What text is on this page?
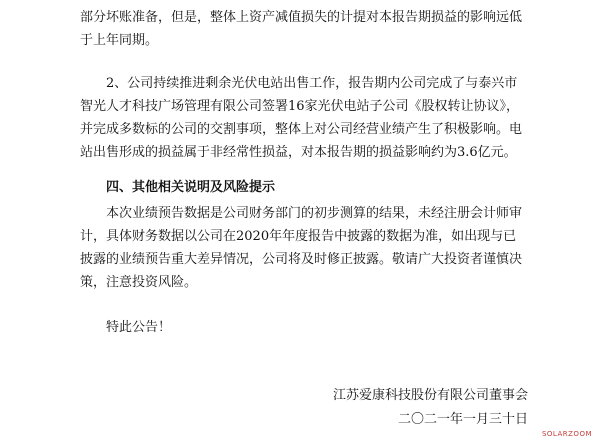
部分坏账准备，但是，整体上资产减值损失的计提对本报告期损益的影响远低于上年同期。

2、公司持续推进剩余光伏电站出售工作，报告期内公司完成了与泰兴市智光人才科技广场管理有限公司签署16家光伏电站子公司《股权转让协议》，并完成多数标的公司的交割事项，整体上对公司经营业绩产生了积极影响。电站出售形成的损益属于非经常性损益，对本报告期的损益影响约为3.6亿元。

四、其他相关说明及风险提示

本次业绩预告数据是公司财务部门的初步测算的结果，未经注册会计师审计，具体财务数据以公司在2020年年度报告中披露的数据为准，如出现与已披露的业绩预告重大差异情况，公司将及时修正披露。敬请广大投资者谨慎决策，注意投资风险。

特此公告！

江苏爱康科技股份有限公司董事会

二〇二一年一月三十日

SOLARZOOM
